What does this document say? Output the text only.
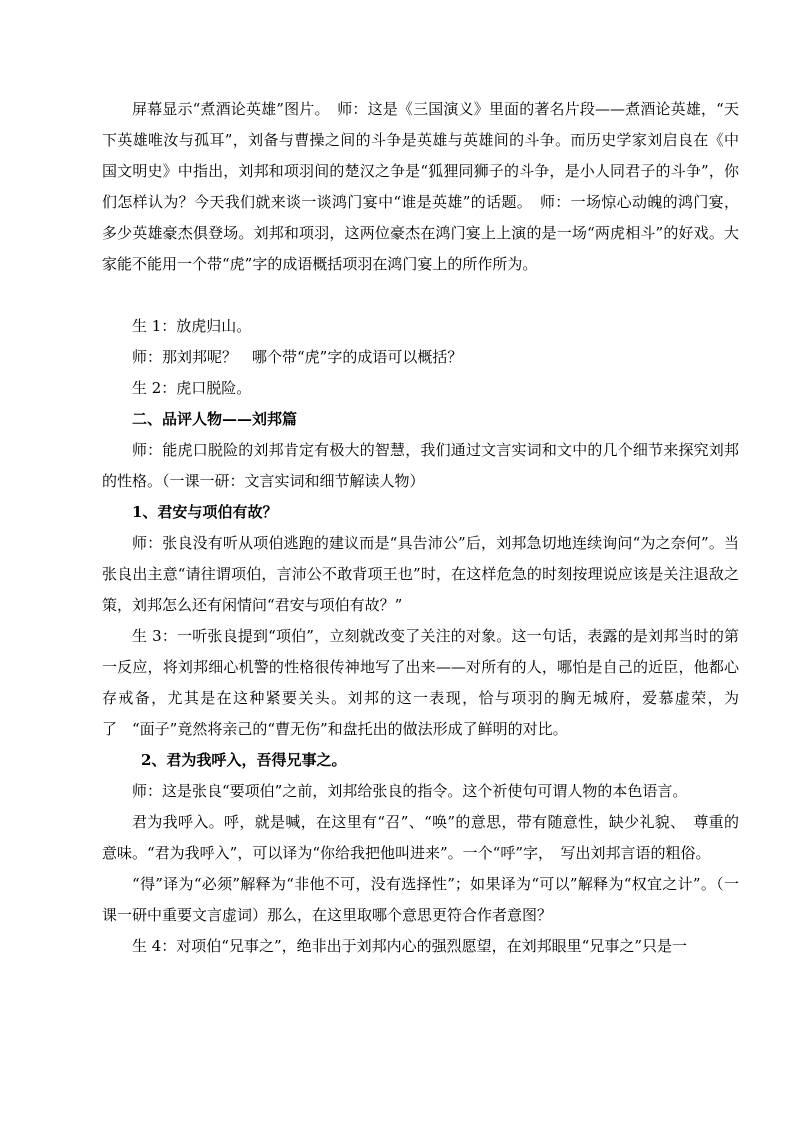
屏幕显示“煮酒论英雄”图片。　师：这是《三国演义》里面的著名片段——煮酒论英雄，“天下英雄唯汝与孤耳”，刘备与曹操之间的斗争是英雄与英雄间的斗争。而历史学家刘启良在《中国文明史》中指出，刘邦和项羽间的楚汉之争是“狐狸同狮子的斗争，是小人同君子的斗争”，你们怎样认为？今天我们就来谈一谈鸿门宴中“谁是英雄”的话题。　师：一场惊心动魄的鸿门宴，多少英雄豪杰俱登场。刘邦和项羽，这两位豪杰在鸿门宴上上演的是一场“两虎相斗”的好戏。大家能不能用一个带“虎”字的成语概括项羽在鸿门宴上的所作所为。

生 1：放虎归山。

师：那刘邦呢？　哪个带“虎”字的成语可以概括？

生 2：虎口脱险。

二、品评人物——刘邦篇

师：能虎口脱险的刘邦肯定有极大的智慧，我们通过文言实词和文中的几个细节来探究刘邦的性格。（一课一研：文言实词和细节解读人物）

1、君安与项伯有故？

师：张良没有听从项伯逃跑的建议而是“具告沛公”后，刘邦急切地连续询问“为之奈何”。当张良出主意“请往谓项伯，言沛公不敢背项王也”时，在这样危急的时刻按理说应该是关注退敌之策，刘邦怎么还有闲情问“君安与项伯有故？”

生 3：一听张良提到“项伯”，立刻就改变了关注的对象。这一句话，表露的是刘邦当时的第一反应，将刘邦细心机警的性格很传神地写了出来——对所有的人，哪怕是自己的近臣，他都心存戒备，尤其是在这种紧要关头。刘邦的这一表现，恰与项羽的胸无城府，爱慕虚荣，为了　“面子”竟然将亲己的“曹无伤”和盘托出的做法形成了鲜明的对比。

2、君为我呼入，吾得兄事之。

师：这是张良“要项伯”之前，刘邦给张良的指令。这个祈使句可谓人物的本色语言。

君为我呼入。呼，就是喊，在这里有“召”、“唤”的意思，带有随意性，缺少礼貌、　尊重的意味。“君为我呼入”，可以译为“你给我把他叫进来”。一个“呼”字，　写出刘邦言语的粗俗。

“得”译为“必须”解释为“非他不可，没有选择性”；如果译为“可以”解释为“权宜之计”。（一课一研中重要文言虚词）那么，在这里取哪个意思更符合作者意图？

生 4：对项伯“兄事之”，绝非出于刘邦内心的强烈愿望，在刘邦眼里“兄事之”只是一
